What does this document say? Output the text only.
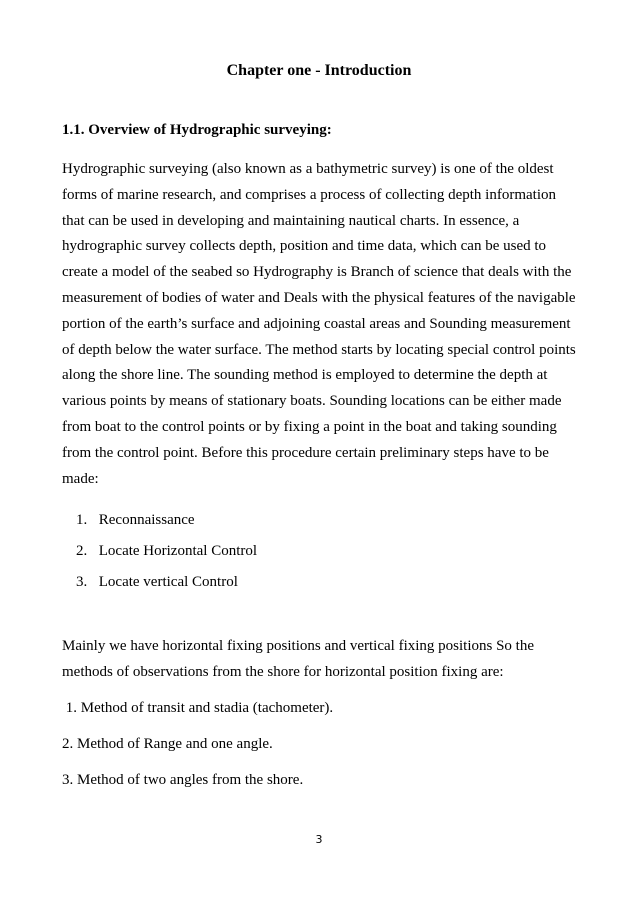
Chapter one - Introduction
1.1. Overview of Hydrographic surveying:
Hydrographic surveying (also known as a bathymetric survey) is one of the oldest
forms of marine research, and comprises a process of collecting depth information
that can be used in developing and maintaining nautical charts. In essence, a
hydrographic survey collects depth, position and time data, which can be used to
create a model of the seabed so Hydrography is Branch of science that deals with the
measurement of bodies of water and Deals with the physical features of the navigable
portion of the earth’s surface and adjoining coastal areas and Sounding measurement
of depth below the water surface. The method starts by locating special control points
along the shore line. The sounding method is employed to determine the depth at
various points by means of stationary boats. Sounding locations can be either made
from boat to the control points or by fixing a point in the boat and taking sounding
from the control point. Before this procedure certain preliminary steps have to be
made:
1. Reconnaissance
2. Locate Horizontal Control
3. Locate vertical Control
Mainly we have horizontal fixing positions and vertical fixing positions So the
methods of observations from the shore for horizontal position fixing are:
1. Method of transit and stadia (tachometer).
2. Method of Range and one angle.
3. Method of two angles from the shore.
3
